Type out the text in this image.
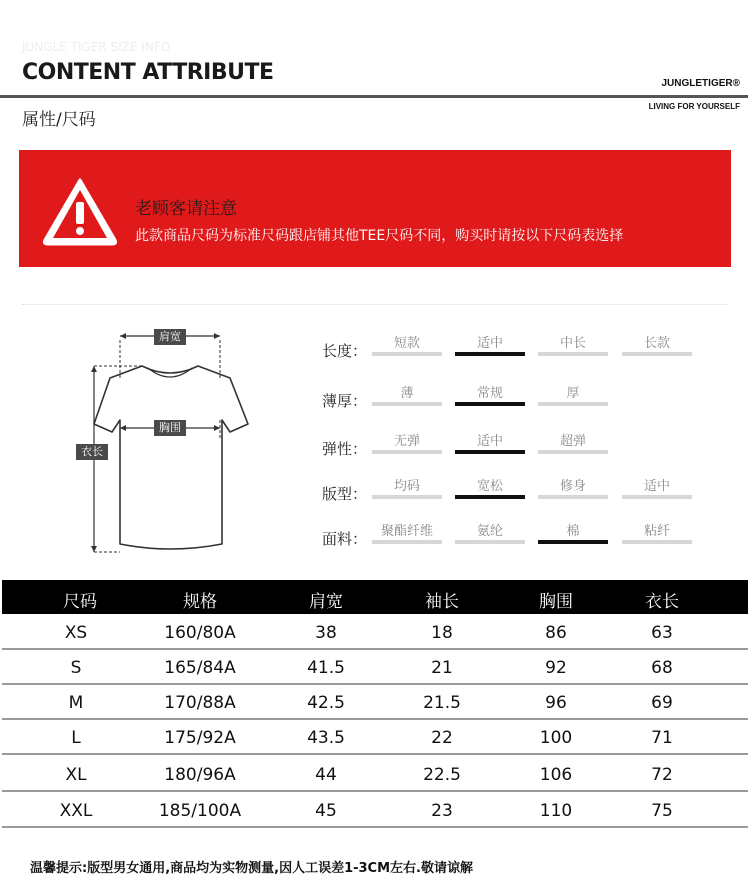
JUNGLE TIGER SIZE INFO
CONTENT ATTRIBUTE
属性/尺码
JUNGLETIGER®
LIVING FOR YOURSELF
老顾客请注意
此款商品尺码为标准尺码跟店铺其他TEE尺码不同，购买时请按以下尺码表选择
肩宽
胸围
衣长
长度：	短款	适中	中长	长款
薄厚：	薄	常规	厚
弹性：	无弹	适中	超弹
版型：	均码	宽松	修身	适中
面料：	聚酯纤维	氨纶	棉	粘纤
尺码	规格	肩宽	袖长	胸围	衣长
XS	160/80A	38	18	86	63
S	165/84A	41.5	21	92	68
M	170/88A	42.5	21.5	96	69
L	175/92A	43.5	22	100	71
XL	180/96A	44	22.5	106	72
XXL	185/100A	45	23	110	75
温馨提示:版型男女通用,商品均为实物测量,因人工误差1-3CM左右.敬请谅解
